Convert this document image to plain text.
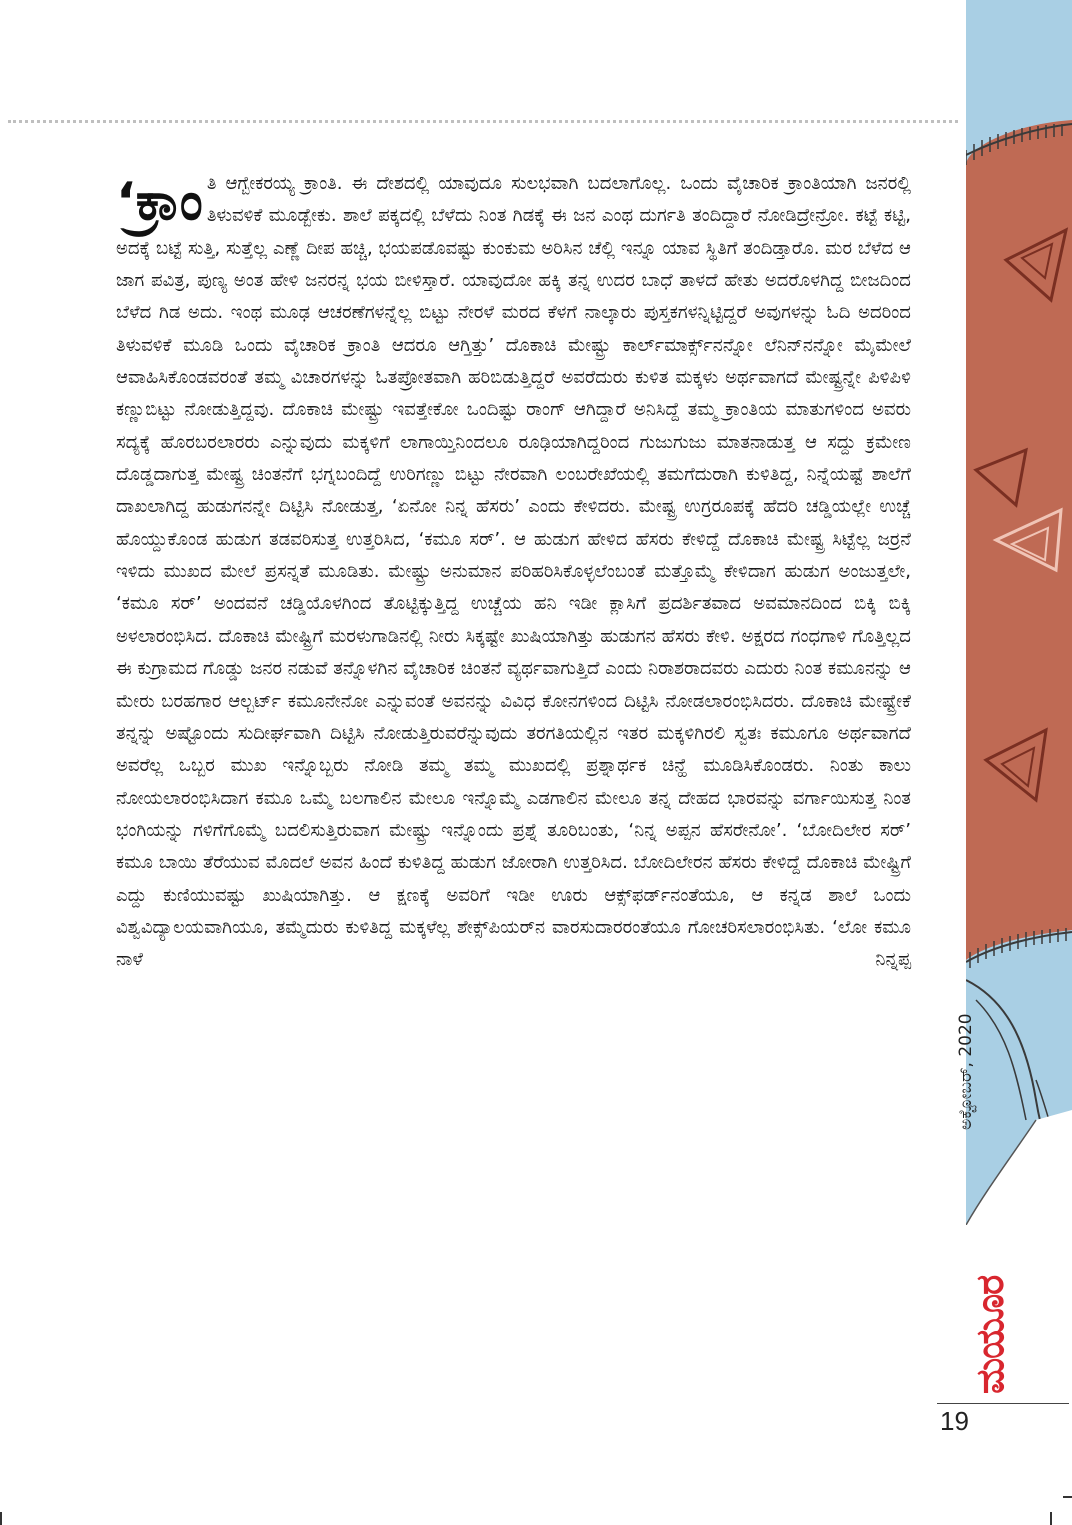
‘ಕ್ರಾಂ ತಿ ಆಗ್ಬೇಕರಯ್ಯ ಕ್ರಾಂತಿ. ಈ ದೇಶದಲ್ಲಿ ಯಾವುದೂ ಸುಲಭವಾಗಿ ಬದಲಾಗೊಲ್ಲ. ಒಂದು ವೈಚಾರಿಕ ಕ್ರಾಂತಿಯಾಗಿ ಜನರಲ್ಲಿ ತಿಳುವಳಿಕೆ ಮೂಡ್ಬೇಕು. ಶಾಲೆ ಪಕ್ಕದಲ್ಲಿ ಬೆಳೆದು ನಿಂತ ಗಿಡಕ್ಕೆ ಈ ಜನ ಎಂಥ ದುರ್ಗತಿ ತಂದಿದ್ದಾರೆ ನೋಡಿದ್ರೇನ್ರೋ. ಕಟ್ಟೆ ಕಟ್ಟಿ, ಅದಕ್ಕೆ ಬಟ್ಟೆ ಸುತ್ತಿ, ಸುತ್ತೆಲ್ಲ ಎಣ್ಣೆ ದೀಪ ಹಚ್ಚಿ, ಭಯಪಡೊವಷ್ಟು ಕುಂಕುಮ ಅರಿಸಿನ ಚೆಲ್ಲಿ ಇನ್ನೂ ಯಾವ ಸ್ಥಿತಿಗೆ ತಂದಿಡ್ತಾರೊ. ಮರ ಬೆಳೆದ ಆ ಜಾಗ ಪವಿತ್ರ, ಪುಣ್ಯ ಅಂತ ಹೇಳಿ ಜನರನ್ನ ಭಯ ಬೀಳಿಸ್ತಾರೆ. ಯಾವುದೋ ಹಕ್ಕಿ ತನ್ನ ಉದರ ಬಾಧೆ ತಾಳದೆ ಹೇತು ಅದರೊಳಗಿದ್ದ ಬೀಜದಿಂದ ಬೆಳೆದ ಗಿಡ ಅದು. ಇಂಥ ಮೂಢ ಆಚರಣೆಗಳನ್ನೆಲ್ಲ ಬಿಟ್ಟು ನೇರಳೆ ಮರದ ಕೆಳಗೆ ನಾಲ್ಕಾರು ಪುಸ್ತಕಗಳನ್ನಿಟ್ಟಿದ್ದರೆ ಅವುಗಳನ್ನು ಓದಿ ಅದರಿಂದ ತಿಳುವಳಿಕೆ ಮೂಡಿ ಒಂದು ವೈಚಾರಿಕ ಕ್ರಾಂತಿ ಆದರೂ ಆಗ್ತಿತ್ತು’ ದೊಕಾಚಿ ಮೇಷ್ಟ್ರು ಕಾರ್ಲ್‌ಮಾರ್ಕ್ಸ್‌ನನ್ನೋ ಲೆನಿನ್‌ನನ್ನೋ ಮೈಮೇಲೆ ಆವಾಹಿಸಿಕೊಂಡವರಂತೆ ತಮ್ಮ ವಿಚಾರಗಳನ್ನು ಓತಪ್ರೋತವಾಗಿ ಹರಿಬಿಡುತ್ತಿದ್ದರೆ ಅವರೆದುರು ಕುಳಿತ ಮಕ್ಕಳು ಅರ್ಥವಾಗದೆ ಮೇಷ್ಟ್ರನ್ನೇ ಪಿಳಿಪಿಳಿ ಕಣ್ಣುಬಿಟ್ಟು ನೋಡುತ್ತಿದ್ದವು. ದೊಕಾಚಿ ಮೇಷ್ಟ್ರು ಇವತ್ತೇಕೋ ಒಂದಿಷ್ಟು ರಾಂಗ್ ಆಗಿದ್ದಾರೆ ಅನಿಸಿದ್ದೆ ತಮ್ಮ ಕ್ರಾಂತಿಯ ಮಾತುಗಳಿಂದ ಅವರು ಸದ್ಯಕ್ಕೆ ಹೊರಬರಲಾರರು ಎನ್ನುವುದು ಮಕ್ಕಳಿಗೆ ಲಾಗಾಯ್ತಿನಿಂದಲೂ ರೂಢಿಯಾಗಿದ್ದರಿಂದ ಗುಜುಗುಜು ಮಾತನಾಡುತ್ತ ಆ ಸದ್ದು ಕ್ರಮೇಣ ದೊಡ್ಡದಾಗುತ್ತ ಮೇಷ್ಟ್ರ ಚಿಂತನೆಗೆ ಭಗ್ನಬಂದಿದ್ದೆ ಉರಿಗಣ್ಣು ಬಿಟ್ಟು ನೇರವಾಗಿ ಲಂಬರೇಖೆಯಲ್ಲಿ ತಮಗೆದುರಾಗಿ ಕುಳಿತಿದ್ದ, ನಿನ್ನೆಯಷ್ಟೆ ಶಾಲೆಗೆ ದಾಖಲಾಗಿದ್ದ ಹುಡುಗನನ್ನೇ ದಿಟ್ಟಿಸಿ ನೋಡುತ್ತ, ‘ಏನೋ ನಿನ್ನ ಹೆಸರು’ ಎಂದು ಕೇಳಿದರು. ಮೇಷ್ಟ್ರ ಉಗ್ರರೂಪಕ್ಕೆ ಹೆದರಿ ಚಡ್ಡಿಯಲ್ಲೇ ಉಚ್ಚೆ ಹೊಯ್ದುಕೊಂಡ ಹುಡುಗ ತಡವರಿಸುತ್ತ ಉತ್ತರಿಸಿದ, ‘ಕಮೂ ಸರ್’. ಆ ಹುಡುಗ ಹೇಳಿದ ಹೆಸರು ಕೇಳಿದ್ದೆ ದೊಕಾಚಿ ಮೇಷ್ಟ್ರ ಸಿಟ್ಟೆಲ್ಲ ಜರ್‍ರನೆ ಇಳಿದು ಮುಖದ ಮೇಲೆ ಪ್ರಸನ್ನತೆ ಮೂಡಿತು. ಮೇಷ್ಟ್ರು ಅನುಮಾನ ಪರಿಹರಿಸಿಕೊಳ್ಳಲೆಂಬಂತೆ ಮತ್ತೊಮ್ಮೆ ಕೇಳಿದಾಗ ಹುಡುಗ ಅಂಜುತ್ತಲೇ, ‘ಕಮೂ ಸರ್’ ಅಂದವನೆ ಚಡ್ಡಿಯೊಳಗಿಂದ ತೊಟ್ಟಿಕ್ಕುತ್ತಿದ್ದ ಉಚ್ಚೆಯ ಹನಿ ಇಡೀ ಕ್ಲಾಸಿಗೆ ಪ್ರದರ್ಶಿತವಾದ ಅವಮಾನದಿಂದ ಬಿಕ್ಕಿ ಬಿಕ್ಕಿ ಅಳಲಾರಂಭಿಸಿದ. ದೊಕಾಚಿ ಮೇಷ್ಟ್ರಿಗೆ ಮರಳುಗಾಡಿನಲ್ಲಿ ನೀರು ಸಿಕ್ಕಷ್ಟೇ ಖುಷಿಯಾಗಿತ್ತು ಹುಡುಗನ ಹೆಸರು ಕೇಳಿ. ಅಕ್ಷರದ ಗಂಧಗಾಳಿ ಗೊತ್ತಿಲ್ಲದ ಈ ಕುಗ್ರಾಮದ ಗೊಡ್ಡು ಜನರ ನಡುವೆ ತನ್ನೊಳಗಿನ ವೈಚಾರಿಕ ಚಿಂತನೆ ವ್ಯರ್ಥವಾಗುತ್ತಿದೆ ಎಂದು ನಿರಾಶರಾದವರು ಎದುರು ನಿಂತ ಕಮೂನನ್ನು ಆ ಮೇರು ಬರಹಗಾರ ಆಲ್ಬರ್ಟ್ ಕಮೂನೇನೋ ಎನ್ನುವಂತೆ ಅವನನ್ನು ವಿವಿಧ ಕೋನಗಳಿಂದ ದಿಟ್ಟಿಸಿ ನೋಡಲಾರಂಭಿಸಿದರು. ದೊಕಾಚಿ ಮೇಷ್ಟ್ರೇಕೆ ತನ್ನನ್ನು ಅಷ್ಟೊಂದು ಸುದೀರ್ಘವಾಗಿ ದಿಟ್ಟಿಸಿ ನೋಡುತ್ತಿರುವರೆನ್ನುವುದು ತರಗತಿಯಲ್ಲಿನ ಇತರ ಮಕ್ಕಳಿಗಿರಲಿ ಸ್ವತಃ ಕಮೂಗೂ ಅರ್ಥವಾಗದೆ ಅವರೆಲ್ಲ ಒಬ್ಬರ ಮುಖ ಇನ್ನೊಬ್ಬರು ನೋಡಿ ತಮ್ಮ ತಮ್ಮ ಮುಖದಲ್ಲಿ ಪ್ರಶ್ನಾರ್ಥಕ ಚಿನ್ಹೆ ಮೂಡಿಸಿಕೊಂಡರು. ನಿಂತು ಕಾಲು ನೋಯಲಾರಂಭಿಸಿದಾಗ ಕಮೂ ಒಮ್ಮೆ ಬಲಗಾಲಿನ ಮೇಲೂ ಇನ್ನೊಮ್ಮೆ ಎಡಗಾಲಿನ ಮೇಲೂ ತನ್ನ ದೇಹದ ಭಾರವನ್ನು ವರ್ಗಾಯಿಸುತ್ತ ನಿಂತ ಭಂಗಿಯನ್ನು ಗಳಿಗೆಗೊಮ್ಮೆ ಬದಲಿಸುತ್ತಿರುವಾಗ ಮೇಷ್ಟ್ರು ಇನ್ನೊಂದು ಪ್ರಶ್ನೆ ತೂರಿಬಂತು, ‘ನಿನ್ನ ಅಪ್ಪನ ಹೆಸರೇನೋ’. ‘ಬೋದಿಲೇರ ಸರ್’ ಕಮೂ ಬಾಯಿ ತೆರೆಯುವ ಮೊದಲೆ ಅವನ ಹಿಂದೆ ಕುಳಿತಿದ್ದ ಹುಡುಗ ಜೋರಾಗಿ ಉತ್ತರಿಸಿದ. ಬೋದಿಲೇರನ ಹೆಸರು ಕೇಳಿದ್ದೆ ದೊಕಾಚಿ ಮೇಷ್ಟ್ರಿಗೆ ಎದ್ದು ಕುಣಿಯುವಷ್ಟು ಖುಷಿಯಾಗಿತ್ತು. ಆ ಕ್ಷಣಕ್ಕೆ ಅವರಿಗೆ ಇಡೀ ಊರು ಆಕ್ಸ್‌ಫರ್ಡ್‌ನಂತೆಯೂ, ಆ ಕನ್ನಡ ಶಾಲೆ ಒಂದು ವಿಶ್ವವಿದ್ಯಾಲಯವಾಗಿಯೂ, ತಮ್ಮೆದುರು ಕುಳಿತಿದ್ದ ಮಕ್ಕಳೆಲ್ಲ ಶೇಕ್ಸ್‌ಪಿಯರ್‌ನ ವಾರಸುದಾರರಂತೆಯೂ ಗೋಚರಿಸಲಾರಂಭಿಸಿತು. ‘ಲೋ ಕಮೂ ನಾಳೆ ನಿನ್ನಪ್ಪ

ಅಕ್ಟೋಬರ್, 2020
ಮಯೂರ
19
